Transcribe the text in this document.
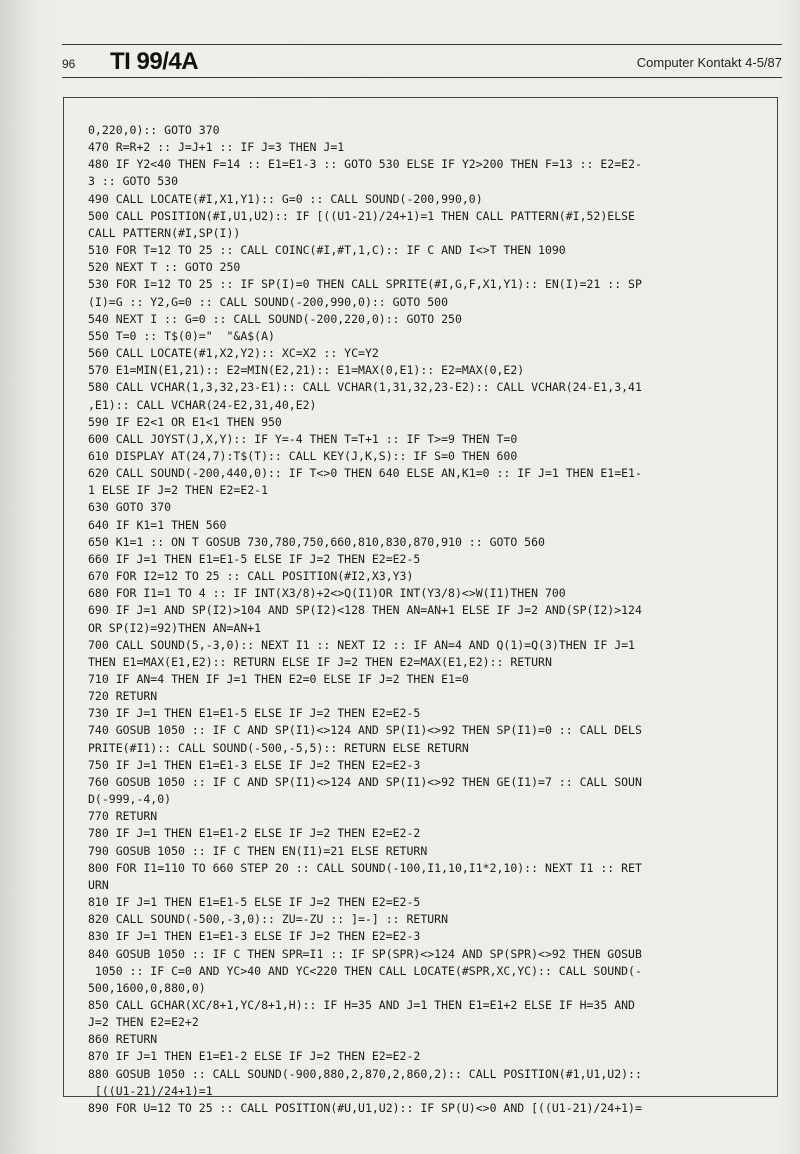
96 TI 99/4A	Computer Kontakt 4-5/87
0,220,0):: GOTO 370
470 R=R+2 :: J=J+1 :: IF J=3 THEN J=1
480 IF Y2<40 THEN F=14 :: E1=E1-3 :: GOTO 530 ELSE IF Y2>200 THEN F=13 :: E2=E2-
3 :: GOTO 530
490 CALL LOCATE(#I,X1,Y1):: G=0 :: CALL SOUND(-200,990,0)
500 CALL POSITION(#I,U1,U2):: IF [((U1-21)/24+1)=1 THEN CALL PATTERN(#I,52)ELSE
CALL PATTERN(#I,SP(I))
510 FOR T=12 TO 25 :: CALL COINC(#I,#T,1,C):: IF C AND I<>T THEN 1090
520 NEXT T :: GOTO 250
530 FOR I=12 TO 25 :: IF SP(I)=0 THEN CALL SPRITE(#I,G,F,X1,Y1):: EN(I)=21 :: SP
(I)=G :: Y2,G=0 :: CALL SOUND(-200,990,0):: GOTO 500
540 NEXT I :: G=0 :: CALL SOUND(-200,220,0):: GOTO 250
550 T=0 :: T$(0)="  "&A$(A)
560 CALL LOCATE(#1,X2,Y2):: XC=X2 :: YC=Y2
570 E1=MIN(E1,21):: E2=MIN(E2,21):: E1=MAX(0,E1):: E2=MAX(0,E2)
580 CALL VCHAR(1,3,32,23-E1):: CALL VCHAR(1,31,32,23-E2):: CALL VCHAR(24-E1,3,41
,E1):: CALL VCHAR(24-E2,31,40,E2)
590 IF E2<1 OR E1<1 THEN 950
600 CALL JOYST(J,X,Y):: IF Y=-4 THEN T=T+1 :: IF T>=9 THEN T=0
610 DISPLAY AT(24,7):T$(T):: CALL KEY(J,K,S):: IF S=0 THEN 600
620 CALL SOUND(-200,440,0):: IF T<>0 THEN 640 ELSE AN,K1=0 :: IF J=1 THEN E1=E1-
1 ELSE IF J=2 THEN E2=E2-1
630 GOTO 370
640 IF K1=1 THEN 560
650 K1=1 :: ON T GOSUB 730,780,750,660,810,830,870,910 :: GOTO 560
660 IF J=1 THEN E1=E1-5 ELSE IF J=2 THEN E2=E2-5
670 FOR I2=12 TO 25 :: CALL POSITION(#I2,X3,Y3)
680 FOR I1=1 TO 4 :: IF INT(X3/8)+2<>Q(I1)OR INT(Y3/8)<>W(I1)THEN 700
690 IF J=1 AND SP(I2)>104 AND SP(I2)<128 THEN AN=AN+1 ELSE IF J=2 AND(SP(I2)>124
OR SP(I2)=92)THEN AN=AN+1
700 CALL SOUND(5,-3,0):: NEXT I1 :: NEXT I2 :: IF AN=4 AND Q(1)=Q(3)THEN IF J=1
THEN E1=MAX(E1,E2):: RETURN ELSE IF J=2 THEN E2=MAX(E1,E2):: RETURN
710 IF AN=4 THEN IF J=1 THEN E2=0 ELSE IF J=2 THEN E1=0
720 RETURN
730 IF J=1 THEN E1=E1-5 ELSE IF J=2 THEN E2=E2-5
740 GOSUB 1050 :: IF C AND SP(I1)<>124 AND SP(I1)<>92 THEN SP(I1)=0 :: CALL DELS
PRITE(#I1):: CALL SOUND(-500,-5,5):: RETURN ELSE RETURN
750 IF J=1 THEN E1=E1-3 ELSE IF J=2 THEN E2=E2-3
760 GOSUB 1050 :: IF C AND SP(I1)<>124 AND SP(I1)<>92 THEN GE(I1)=7 :: CALL SOUN
D(-999,-4,0)
770 RETURN
780 IF J=1 THEN E1=E1-2 ELSE IF J=2 THEN E2=E2-2
790 GOSUB 1050 :: IF C THEN EN(I1)=21 ELSE RETURN
800 FOR I1=110 TO 660 STEP 20 :: CALL SOUND(-100,I1,10,I1*2,10):: NEXT I1 :: RET
URN
810 IF J=1 THEN E1=E1-5 ELSE IF J=2 THEN E2=E2-5
820 CALL SOUND(-500,-3,0):: ZU=-ZU :: ]=-] :: RETURN
830 IF J=1 THEN E1=E1-3 ELSE IF J=2 THEN E2=E2-3
840 GOSUB 1050 :: IF C THEN SPR=I1 :: IF SP(SPR)<>124 AND SP(SPR)<>92 THEN GOSUB
1050 :: IF C=0 AND YC>40 AND YC<220 THEN CALL LOCATE(#SPR,XC,YC):: CALL SOUND(-
500,1600,0,880,0)
850 CALL GCHAR(XC/8+1,YC/8+1,H):: IF H=35 AND J=1 THEN E1=E1+2 ELSE IF H=35 AND
J=2 THEN E2=E2+2
860 RETURN
870 IF J=1 THEN E1=E1-2 ELSE IF J=2 THEN E2=E2-2
880 GOSUB 1050 :: CALL SOUND(-900,880,2,870,2,860,2):: CALL POSITION(#1,U1,U2)::
[((U1-21)/24+1)=1
890 FOR U=12 TO 25 :: CALL POSITION(#U,U1,U2):: IF SP(U)<>0 AND [((U1-21)/24+1)=
